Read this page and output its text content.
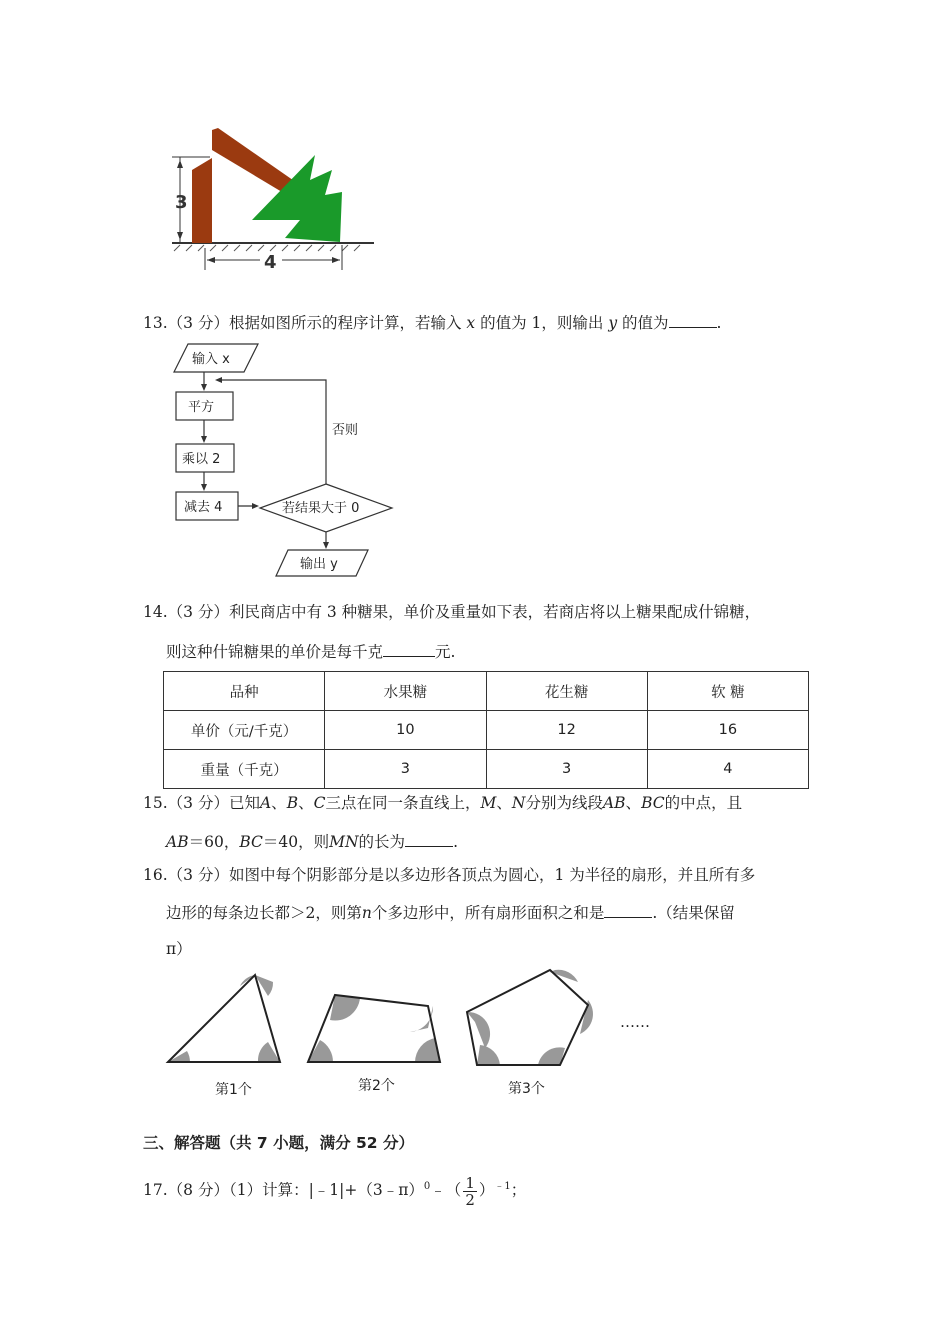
3
4
13.（3 分）根据如图所示的程序计算，若输入 x 的值为 1，则输出 y 的值为	.
输入 x
平方
乘以 2
减去 4	若结果大于 0
否则
输出 y
14.（3 分）利民商店中有 3 种糖果，单价及重量如下表，若商店将以上糖果配成什锦糖，
则这种什锦糖果的单价是每千克	元.
品种	水果糖	花生糖	软 糖
单价（元/千克）	10	12	16
重量（千克）	3	3	4
15.（3 分）已知A、B、C三点在同一条直线上，M、N分别为线段AB、BC的中点，且
AB＝60，BC＝40，则MN的长为	.
16.（3 分）如图中每个阴影部分是以多边形各顶点为圆心，1 为半径的扇形，并且所有多
边形的每条边长都＞2，则第n个多边形中，所有扇形面积之和是	.（结果保留
π）
第1个	第2个	第3个
……
三、解答题（共 7 小题，满分 52 分）
17.（8 分）（1）计算：|﹣1|+（3﹣π）$^0$﹣（ $\frac{1}{2} )^{﹣1}$；
